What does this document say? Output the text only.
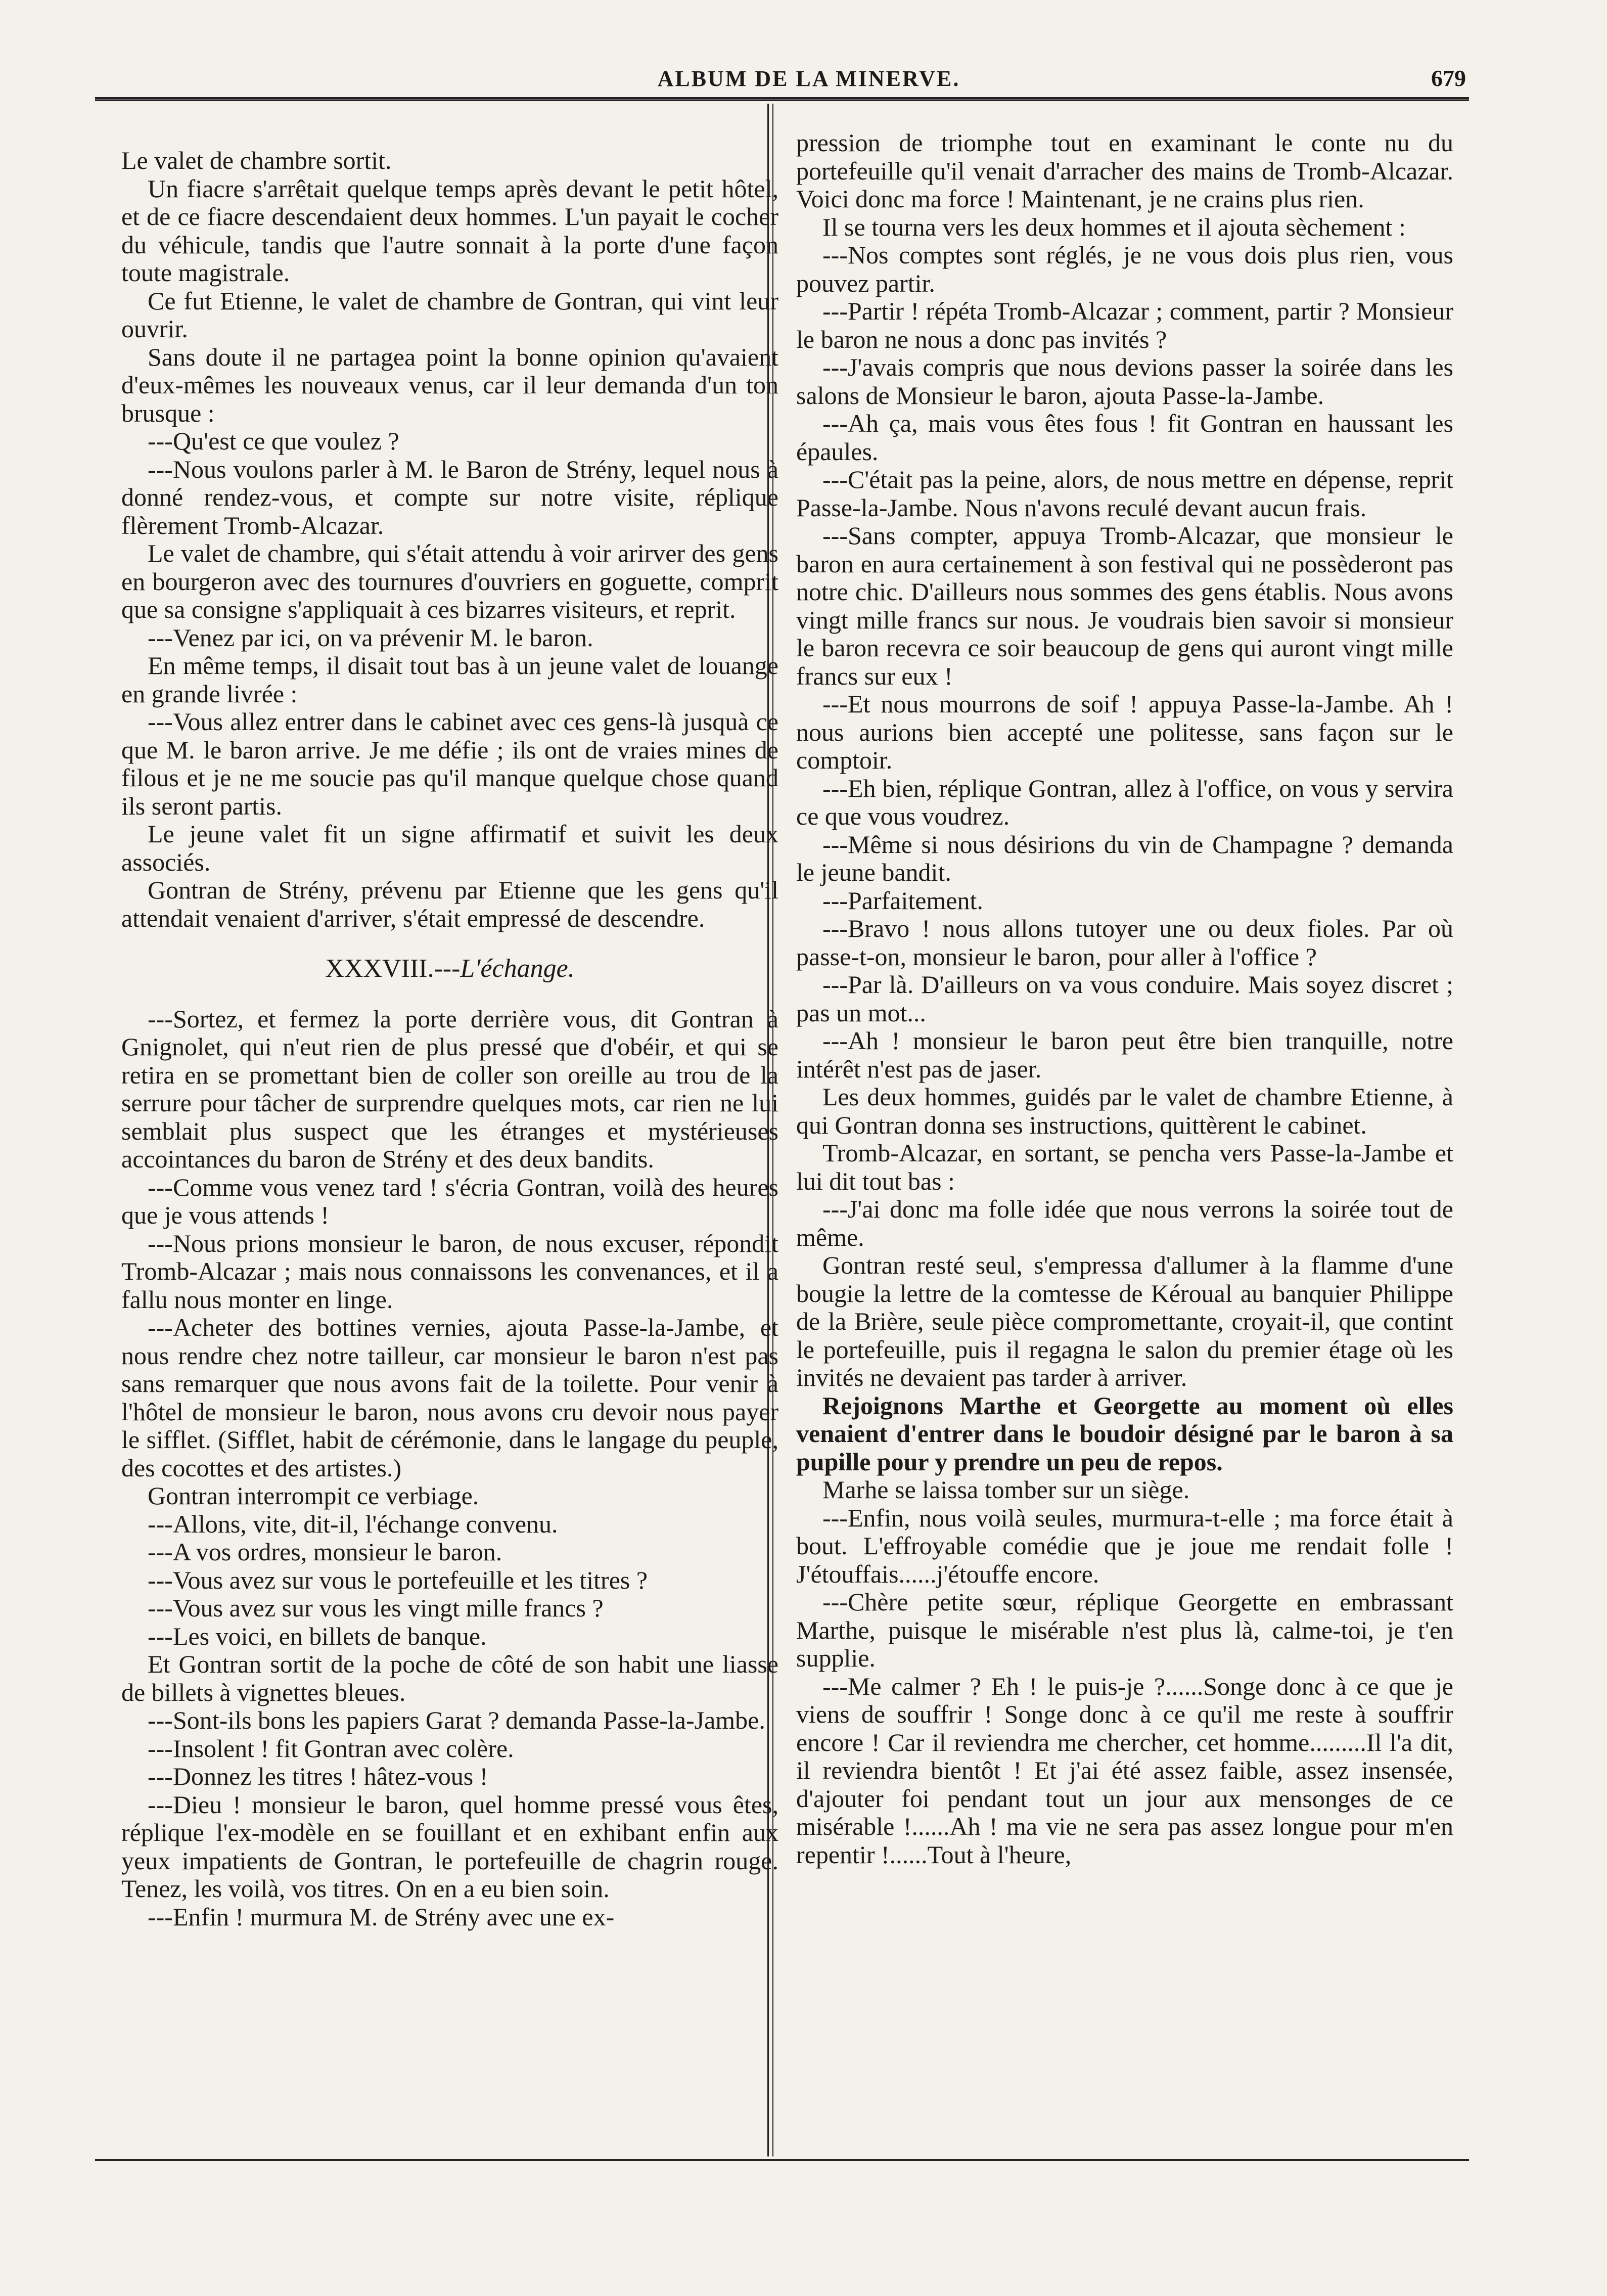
ALBUM DE LA MINERVE.	679

Le valet de chambre sortit.

Un fiacre s'arrêtait quelque temps après devant le petit hôtel, et de ce fiacre descendaient deux hommes. L'un payait le cocher du véhicule, tandis que l'autre sonnait à la porte d'une façon toute magistrale.

Ce fut Etienne, le valet de chambre de Gontran, qui vint leur ouvrir.

Sans doute il ne partagea point la bonne opinion qu'avaient d'eux-mêmes les nouveaux venus, car il leur demanda d'un ton brusque :

---Qu'est ce que voulez ?

---Nous voulons parler à M. le Baron de Strény, lequel nous à donné rendez-vous, et compte sur notre visite, réplique flèrement Tromb-Alcazar.

Le valet de chambre, qui s'était attendu à voir arirver des gens en bourgeron avec des tournures d'ouvriers en goguette, comprit que sa consigne s'appliquait à ces bizarres visiteurs, et reprit.

---Venez par ici, on va prévenir M. le baron.

En même temps, il disait tout bas à un jeune valet de louange en grande livrée :

---Vous allez entrer dans le cabinet avec ces gens-là jusquà ce que M. le baron arrive. Je me défie ; ils ont de vraies mines de filous et je ne me soucie pas qu'il manque quelque chose quand ils seront partis.

Le jeune valet fit un signe affirmatif et suivit les deux associés.

Gontran de Strény, prévenu par Etienne que les gens qu'il attendait venaient d'arriver, s'était empressé de descendre.

XXXVIII.---L'échange.

---Sortez, et fermez la porte derrière vous, dit Gontran à Gnignolet, qui n'eut rien de plus pressé que d'obéir, et qui se retira en se promettant bien de coller son oreille au trou de la serrure pour tâcher de surprendre quelques mots, car rien ne lui semblait plus suspect que les étranges et mystérieuses accointances du baron de Strény et des deux bandits.

---Comme vous venez tard ! s'écria Gontran, voilà des heures que je vous attends !

---Nous prions monsieur le baron, de nous excuser, répondit Tromb-Alcazar ; mais nous connaissons les convenances, et il a fallu nous monter en linge.

---Acheter des bottines vernies, ajouta Passe-la-Jambe, et nous rendre chez notre tailleur, car monsieur le baron n'est pas sans remarquer que nous avons fait de la toilette. Pour venir à l'hôtel de monsieur le baron, nous avons cru devoir nous payer le sifflet. (Sifflet, habit de cérémonie, dans le langage du peuple, des cocottes et des artistes.)

Gontran interrompit ce verbiage.

---Allons, vite, dit-il, l'échange convenu.

---A vos ordres, monsieur le baron.

---Vous avez sur vous le portefeuille et les titres ?

---Vous avez sur vous les vingt mille francs ?

---Les voici, en billets de banque.

Et Gontran sortit de la poche de côté de son habit une liasse de billets à vignettes bleues.

---Sont-ils bons les papiers Garat ? demanda Passe-la-Jambe.

---Insolent ! fit Gontran avec colère.

---Donnez les titres ! hâtez-vous !

---Dieu ! monsieur le baron, quel homme pressé vous êtes, réplique l'ex-modèle en se fouillant et en exhibant enfin aux yeux impatients de Gontran, le portefeuille de chagrin rouge. Tenez, les voilà, vos titres. On en a eu bien soin.

---Enfin ! murmura M. de Strény avec une ex-

pression de triomphe tout en examinant le conte nu du portefeuille qu'il venait d'arracher des mains de Tromb-Alcazar. Voici donc ma force ! Maintenant, je ne crains plus rien.

Il se tourna vers les deux hommes et il ajouta sèchement :

---Nos comptes sont réglés, je ne vous dois plus rien, vous pouvez partir.

---Partir ! répéta Tromb-Alcazar ; comment, partir ? Monsieur le baron ne nous a donc pas invités ?

---J'avais compris que nous devions passer la soirée dans les salons de Monsieur le baron, ajouta Passe-la-Jambe.

---Ah ça, mais vous êtes fous ! fit Gontran en haussant les épaules.

---C'était pas la peine, alors, de nous mettre en dépense, reprit Passe-la-Jambe. Nous n'avons reculé devant aucun frais.

---Sans compter, appuya Tromb-Alcazar, que monsieur le baron en aura certainement à son festival qui ne possèderont pas notre chic. D'ailleurs nous sommes des gens établis. Nous avons vingt mille francs sur nous. Je voudrais bien savoir si monsieur le baron recevra ce soir beaucoup de gens qui auront vingt mille francs sur eux !

---Et nous mourrons de soif ! appuya Passe-la-Jambe. Ah ! nous aurions bien accepté une politesse, sans façon sur le comptoir.

---Eh bien, réplique Gontran, allez à l'office, on vous y servira ce que vous voudrez.

---Même si nous désirions du vin de Champagne ? demanda le jeune bandit.

---Parfaitement.

---Bravo ! nous allons tutoyer une ou deux fioles. Par où passe-t-on, monsieur le baron, pour aller à l'office ?

---Par là. D'ailleurs on va vous conduire. Mais soyez discret ; pas un mot...

---Ah ! monsieur le baron peut être bien tranquille, notre intérêt n'est pas de jaser.

Les deux hommes, guidés par le valet de chambre Etienne, à qui Gontran donna ses instructions, quittèrent le cabinet.

Tromb-Alcazar, en sortant, se pencha vers Passe-la-Jambe et lui dit tout bas :

---J'ai donc ma folle idée que nous verrons la soirée tout de même.

Gontran resté seul, s'empressa d'allumer à la flamme d'une bougie la lettre de la comtesse de Kéroual au banquier Philippe de la Brière, seule pièce compromettante, croyait-il, que contint le portefeuille, puis il regagna le salon du premier étage où les invités ne devaient pas tarder à arriver.

Rejoignons Marthe et Georgette au moment où elles venaient d'entrer dans le boudoir désigné par le baron à sa pupille pour y prendre un peu de repos.

Marhe se laissa tomber sur un siège.

---Enfin, nous voilà seules, murmura-t-elle ; ma force était à bout. L'effroyable comédie que je joue me rendait folle ! J'étouffais......j'étouffe encore.

---Chère petite sœur, réplique Georgette en embrassant Marthe, puisque le misérable n'est plus là, calme-toi, je t'en supplie.

---Me calmer ? Eh ! le puis-je ?......Songe donc à ce que je viens de souffrir ! Songe donc à ce qu'il me reste à souffrir encore ! Car il reviendra me chercher, cet homme.........Il l'a dit, il reviendra bientôt ! Et j'ai été assez faible, assez insensée, d'ajouter foi pendant tout un jour aux mensonges de ce misérable !......Ah ! ma vie ne sera pas assez longue pour m'en repentir !......Tout à l'heure,
